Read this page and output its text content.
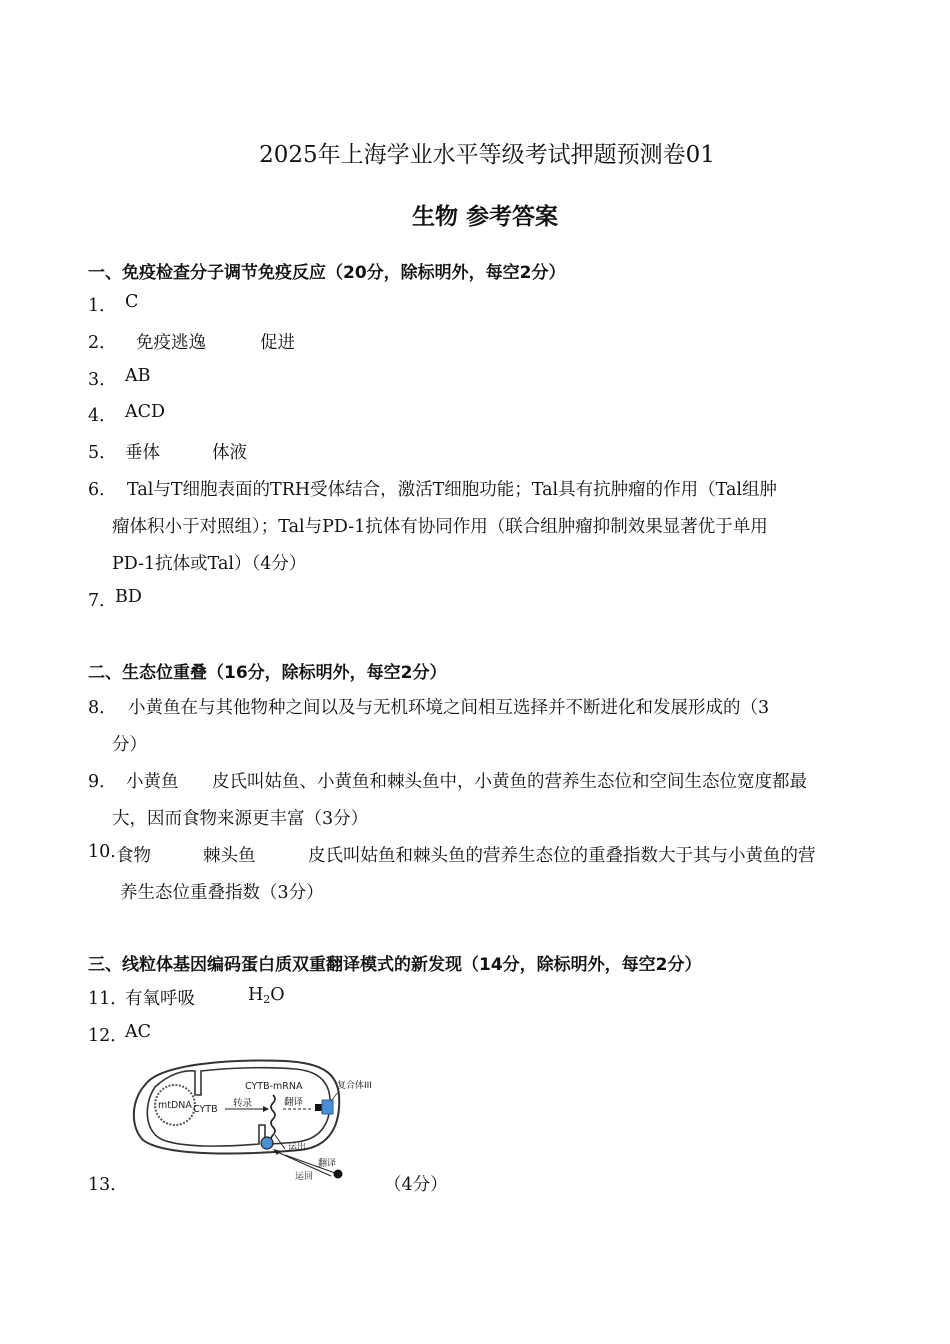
2025年上海学业水平等级考试押题预测卷01
生物 参考答案
一、免疫检查分子调节免疫反应（20分，除标明外，每空2分）
1． C
2． 免疫逃逸	促进
3． AB
4． ACD
5． 垂体	体液
6． Tal与T细胞表面的TRH受体结合，激活T细胞功能；Tal具有抗肿瘤的作用（Tal组肿
瘤体积小于对照组）；Tal与PD-1抗体有协同作用（联合组肿瘤抑制效果显著优于单用
PD-1抗体或Tal）（4分）
7．
BD
二、生态位重叠（16分，除标明外，每空2分）
8． 小黄鱼在与其他物种之间以及与无机环境之间相互选择并不断进化和发展形成的（3
分）
9． 小黄鱼 皮氏叫姑鱼、小黄鱼和棘头鱼中，小黄鱼的营养生态位和空间生态位宽度都最
大，因而食物来源更丰富（3分）
10. 食物	棘头鱼	皮氏叫姑鱼和棘头鱼的营养生态位的重叠指数大于其与小黄鱼的营
养生态位重叠指数（3分）
三、线粒体基因编码蛋白质双重翻译模式的新发现（14分，除标明外，每空2分）
11．
有氧呼吸	$H_2O$
12．
AC
13．	（4分）
mtDNA CYTB
CYTB-mRNA
转录	翻译
复合体III
运出
翻译
运回
